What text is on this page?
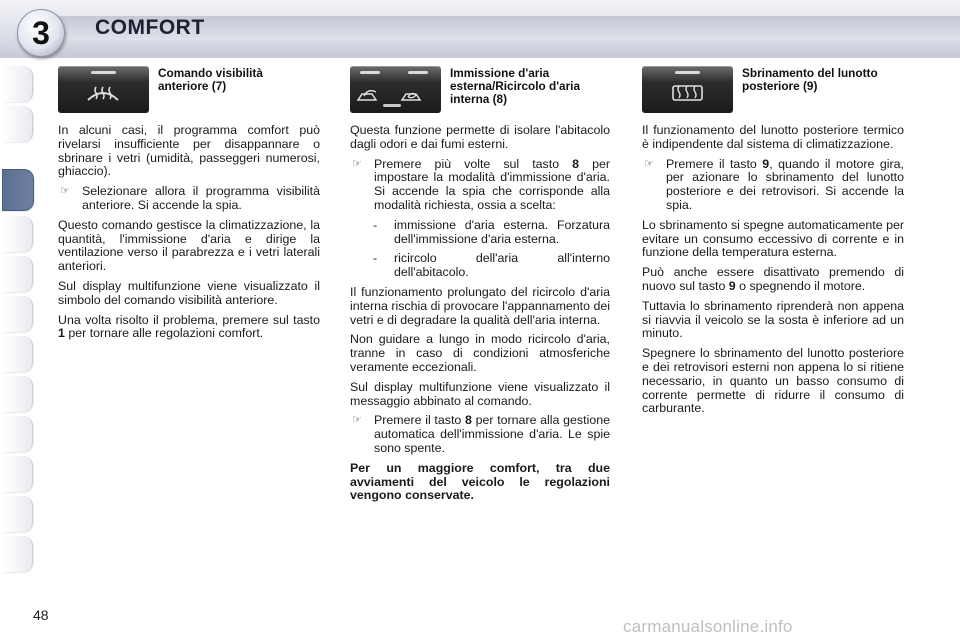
3	COMFORT
Comando visibilità anteriore (7)

In alcuni casi, il programma comfort può rivelarsi insufficiente per disappannare o sbrinare i vetri (umidità, passeggeri numerosi, ghiaccio).

☞ Selezionare allora il programma visibilità anteriore. Si accende la spia.

Questo comando gestisce la climatizzazione, la quantità, l'immissione d'aria e dirige la ventilazione verso il parabrezza e i vetri laterali anteriori.

Sul display multifunzione viene visualizzato il simbolo del comando visibilità anteriore.

Una volta risolto il problema, premere sul tasto 1 per tornare alle regolazioni comfort.

Immissione d'aria esterna/Ricircolo d'aria interna (8)

Questa funzione permette di isolare l'abitacolo dagli odori e dai fumi esterni.

☞ Premere più volte sul tasto 8 per impostare la modalità d'immissione d'aria. Si accende la spia che corrisponde alla modalità richiesta, ossia a scelta:
- immissione d'aria esterna. Forzatura dell'immissione d'aria esterna.
- ricircolo dell'aria all'interno dell'abitacolo.

Il funzionamento prolungato del ricircolo d'aria interna rischia di provocare l'appannamento dei vetri e di degradare la qualità dell'aria interna.

Non guidare a lungo in modo ricircolo d'aria, tranne in caso di condizioni atmosferiche veramente eccezionali.

Sul display multifunzione viene visualizzato il messaggio abbinato al comando.

☞ Premere il tasto 8 per tornare alla gestione automatica dell'immissione d'aria. Le spie sono spente.

Per un maggiore comfort, tra due avviamenti del veicolo le regolazioni vengono conservate.

Sbrinamento del lunotto posteriore (9)

Il funzionamento del lunotto posteriore termico è indipendente dal sistema di climatizzazione.

☞ Premere il tasto 9, quando il motore gira, per azionare lo sbrinamento del lunotto posteriore e dei retrovisori. Si accende la spia.

Lo sbrinamento si spegne automaticamente per evitare un consumo eccessivo di corrente e in funzione della temperatura esterna.

Può anche essere disattivato premendo di nuovo sul tasto 9 o spegnendo il motore.

Tuttavia lo sbrinamento riprenderà non appena si riavvia il veicolo se la sosta è inferiore ad un minuto.

Spegnere lo sbrinamento del lunotto posteriore e dei retrovisori esterni non appena lo si ritiene necessario, in quanto un basso consumo di corrente permette di ridurre il consumo di carburante.

48
carmanualsonline.info
